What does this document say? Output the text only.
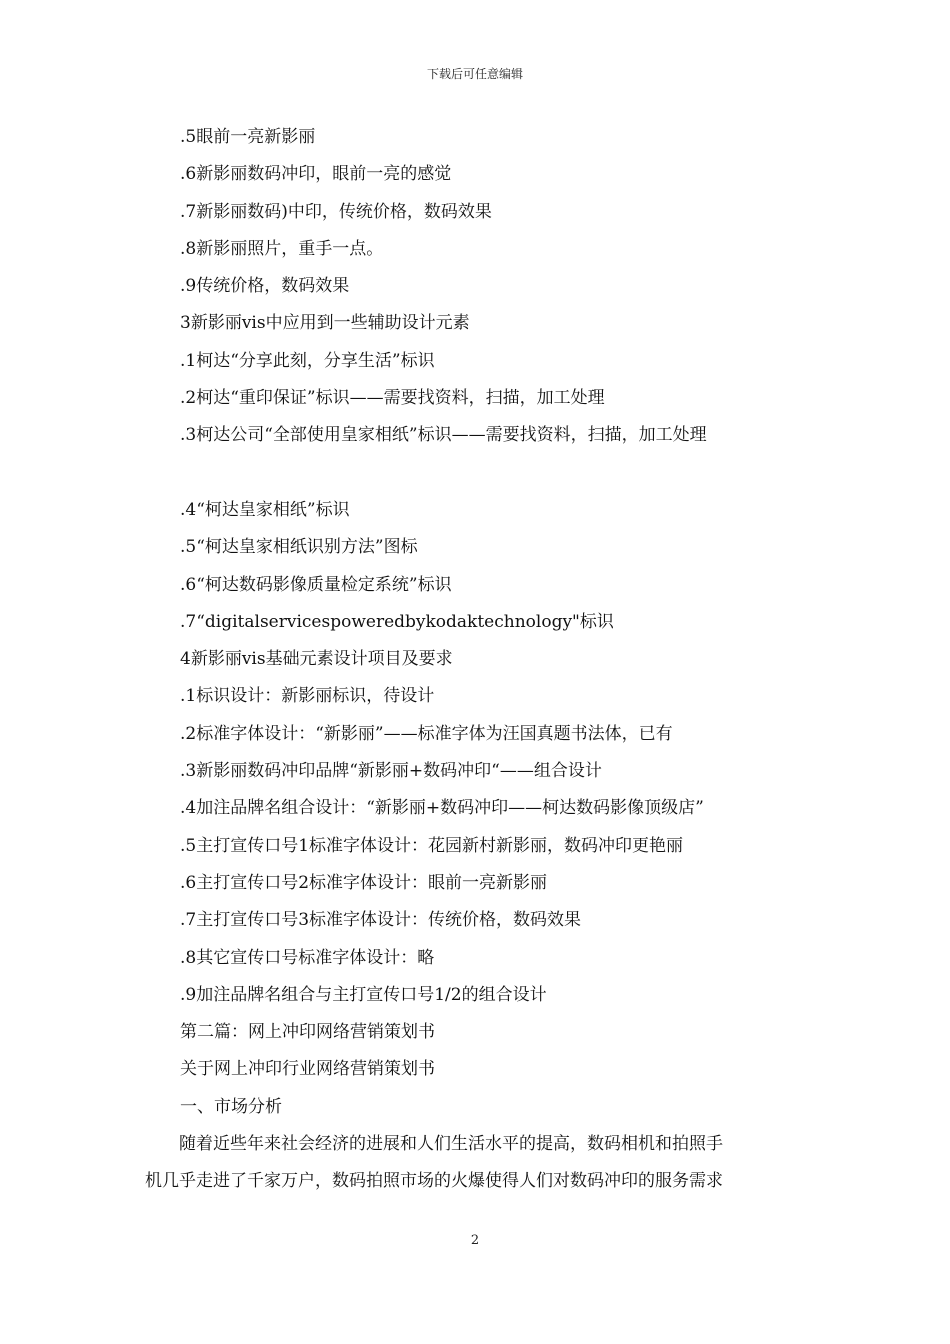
下载后可任意编辑
.5眼前一亮新影丽
.6新影丽数码冲印，眼前一亮的感觉
.7新影丽数码)中印，传统价格，数码效果
.8新影丽照片，重手一点。
.9传统价格，数码效果
3新影丽vis中应用到一些辅助设计元素
.1柯达“分享此刻，分享生活”标识
.2柯达“重印保证”标识——需要找资料，扫描，加工处理
.3柯达公司“全部使用皇家相纸”标识——需要找资料，扫描，加工处理
.4“柯达皇家相纸”标识
.5“柯达皇家相纸识别方法”图标
.6“柯达数码影像质量检定系统”标识
.7“digitalservicespoweredbykodaktechnology"标识
4新影丽vis基础元素设计项目及要求
.1标识设计：新影丽标识，待设计
.2标准字体设计：“新影丽”——标准字体为汪国真题书法体，已有
.3新影丽数码冲印品牌“新影丽+数码冲印“——组合设计
.4加注品牌名组合设计：“新影丽+数码冲印——柯达数码影像顶级店”
.5主打宣传口号1标准字体设计：花园新村新影丽，数码冲印更艳丽
.6主打宣传口号2标准字体设计：眼前一亮新影丽
.7主打宣传口号3标准字体设计：传统价格，数码效果
.8其它宣传口号标准字体设计：略
.9加注品牌名组合与主打宣传口号1/2的组合设计
第二篇：网上冲印网络营销策划书
关于网上冲印行业网络营销策划书
一、市场分析
随着近些年来社会经济的进展和人们生活水平的提高，数码相机和拍照手
机几乎走进了千家万户，数码拍照市场的火爆使得人们对数码冲印的服务需求
2
